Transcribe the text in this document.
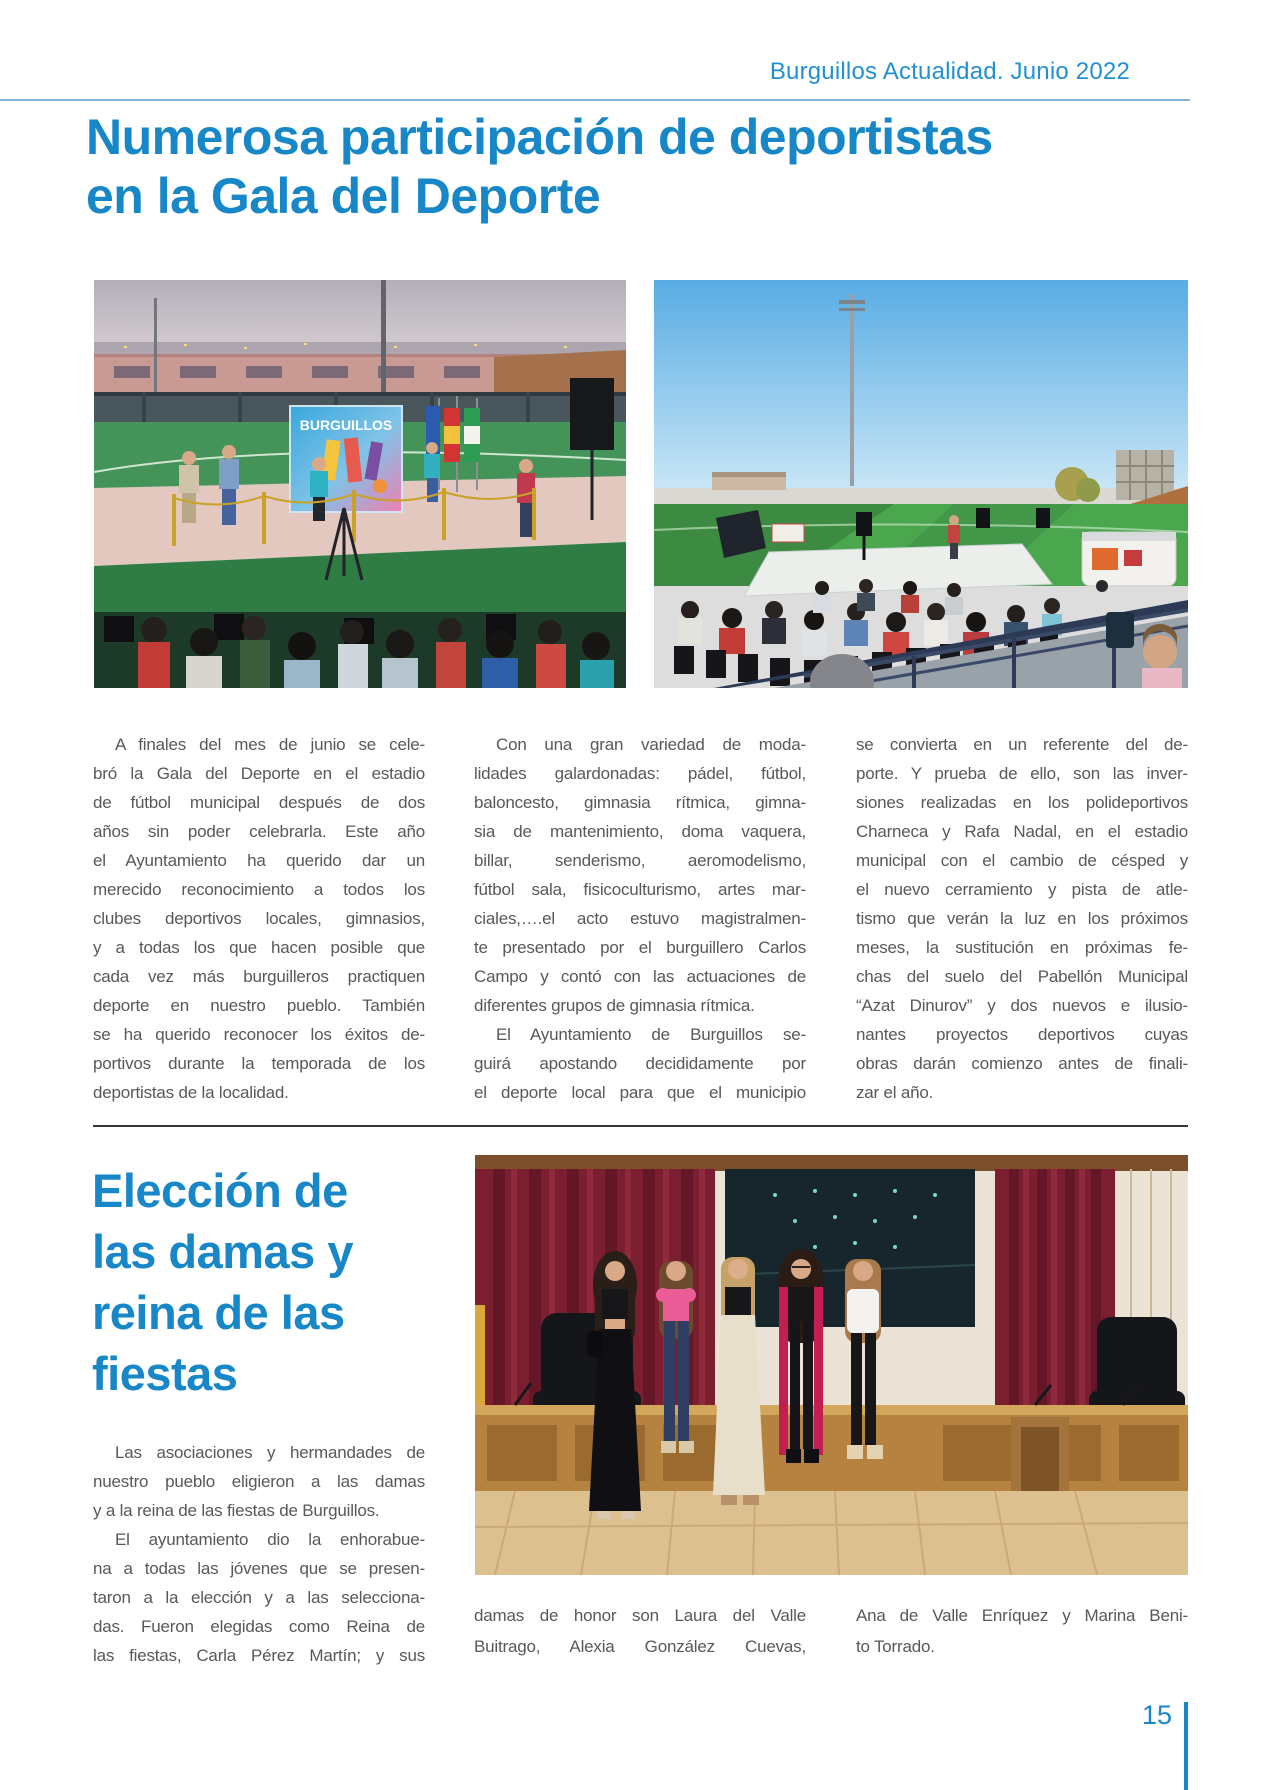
Burguillos Actualidad. Junio 2022
Numerosa participación de deportistas
en la Gala del Deporte
BURGUILLOS
A finales del mes de junio se cele-
bró la Gala del Deporte en el estadio
de fútbol municipal después de dos
años sin poder celebrarla. Este año
el Ayuntamiento ha querido dar un
merecido reconocimiento a todos los
clubes deportivos locales, gimnasios,
y a todas los que hacen posible que
cada vez más burguilleros practiquen
deporte en nuestro pueblo. También
se ha querido reconocer los éxitos de-
portivos durante la temporada de los
deportistas de la localidad.
Con una gran variedad de moda-
lidades galardonadas: pádel, fútbol,
baloncesto, gimnasia rítmica, gimna-
sia de mantenimiento, doma vaquera,
billar, senderismo, aeromodelismo,
fútbol sala, fisicoculturismo, artes mar-
ciales,….el acto estuvo magistralmen-
te presentado por el burguillero Carlos
Campo y contó con las actuaciones de
diferentes grupos de gimnasia rítmica.
El Ayuntamiento de Burguillos se-
guirá apostando decididamente por
el deporte local para que el municipio
se convierta en un referente del de-
porte. Y prueba de ello, son las inver-
siones realizadas en los polideportivos
Charneca y Rafa Nadal, en el estadio
municipal con el cambio de césped y
el nuevo cerramiento y pista de atle-
tismo que verán la luz en los próximos
meses, la sustitución en próximas fe-
chas del suelo del Pabellón Municipal
“Azat Dinurov” y dos nuevos e ilusio-
nantes proyectos deportivos cuyas
obras darán comienzo antes de finali-
zar el año.
Elección de
las damas y
reina de las
fiestas
Las asociaciones y hermandades de
nuestro pueblo eligieron a las damas
y a la reina de las fiestas de Burguillos.
El ayuntamiento dio la enhorabue-
na a todas las jóvenes que se presen-
taron a la elección y a las selecciona-
das. Fueron elegidas como Reina de
las fiestas, Carla Pérez Martín; y sus
damas de honor son Laura del Valle
Buitrago, Alexia González Cuevas,
Ana de Valle Enríquez y Marina Beni-
to Torrado.
15
